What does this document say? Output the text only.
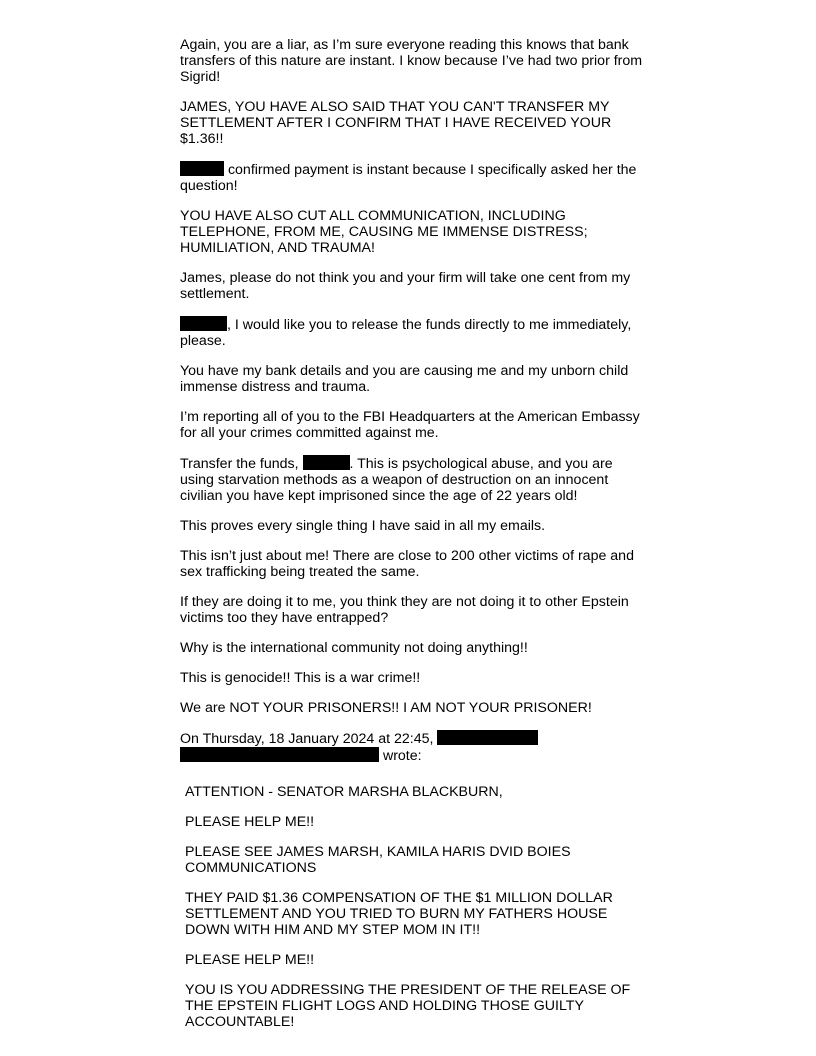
Again, you are a liar, as I’m sure everyone reading this knows that bank transfers of this nature are instant. I know because I’ve had two prior from Sigrid!

JAMES, YOU HAVE ALSO SAID THAT YOU CAN'T TRANSFER MY SETTLEMENT AFTER I CONFIRM THAT I HAVE RECEIVED YOUR $1.36!!

confirmed payment is instant because I specifically asked her the question!

YOU HAVE ALSO CUT ALL COMMUNICATION, INCLUDING TELEPHONE, FROM ME, CAUSING ME IMMENSE DISTRESS; HUMILIATION, AND TRAUMA!

James, please do not think you and your firm will take one cent from my settlement.

, I would like you to release the funds directly to me immediately, please.

You have my bank details and you are causing me and my unborn child immense distress and trauma.

I’m reporting all of you to the FBI Headquarters at the American Embassy for all your crimes committed against me.

Transfer the funds,	. This is psychological abuse, and you are using starvation methods as a weapon of destruction on an innocent civilian you have kept imprisoned since the age of 22 years old!

This proves every single thing I have said in all my emails.

This isn’t just about me! There are close to 200 other victims of rape and sex trafficking being treated the same.

If they are doing it to me, you think they are not doing it to other Epstein victims too they have entrapped?

Why is the international community not doing anything!!

This is genocide!! This is a war crime!!

We are NOT YOUR PRISONERS!! I AM NOT YOUR PRISONER!

On Thursday, 18 January 2024 at 22:45,
wrote:

ATTENTION - SENATOR MARSHA BLACKBURN,

PLEASE HELP ME!!

PLEASE SEE JAMES MARSH, KAMILA HARIS DVID BOIES COMMUNICATIONS

THEY PAID $1.36 COMPENSATION OF THE $1 MILLION DOLLAR SETTLEMENT AND YOU TRIED TO BURN MY FATHERS HOUSE DOWN WITH HIM AND MY STEP MOM IN IT!!

PLEASE HELP ME!!

YOU IS YOU ADDRESSING THE PRESIDENT OF THE RELEASE OF THE EPSTEIN FLIGHT LOGS AND HOLDING THOSE GUILTY ACCOUNTABLE!
